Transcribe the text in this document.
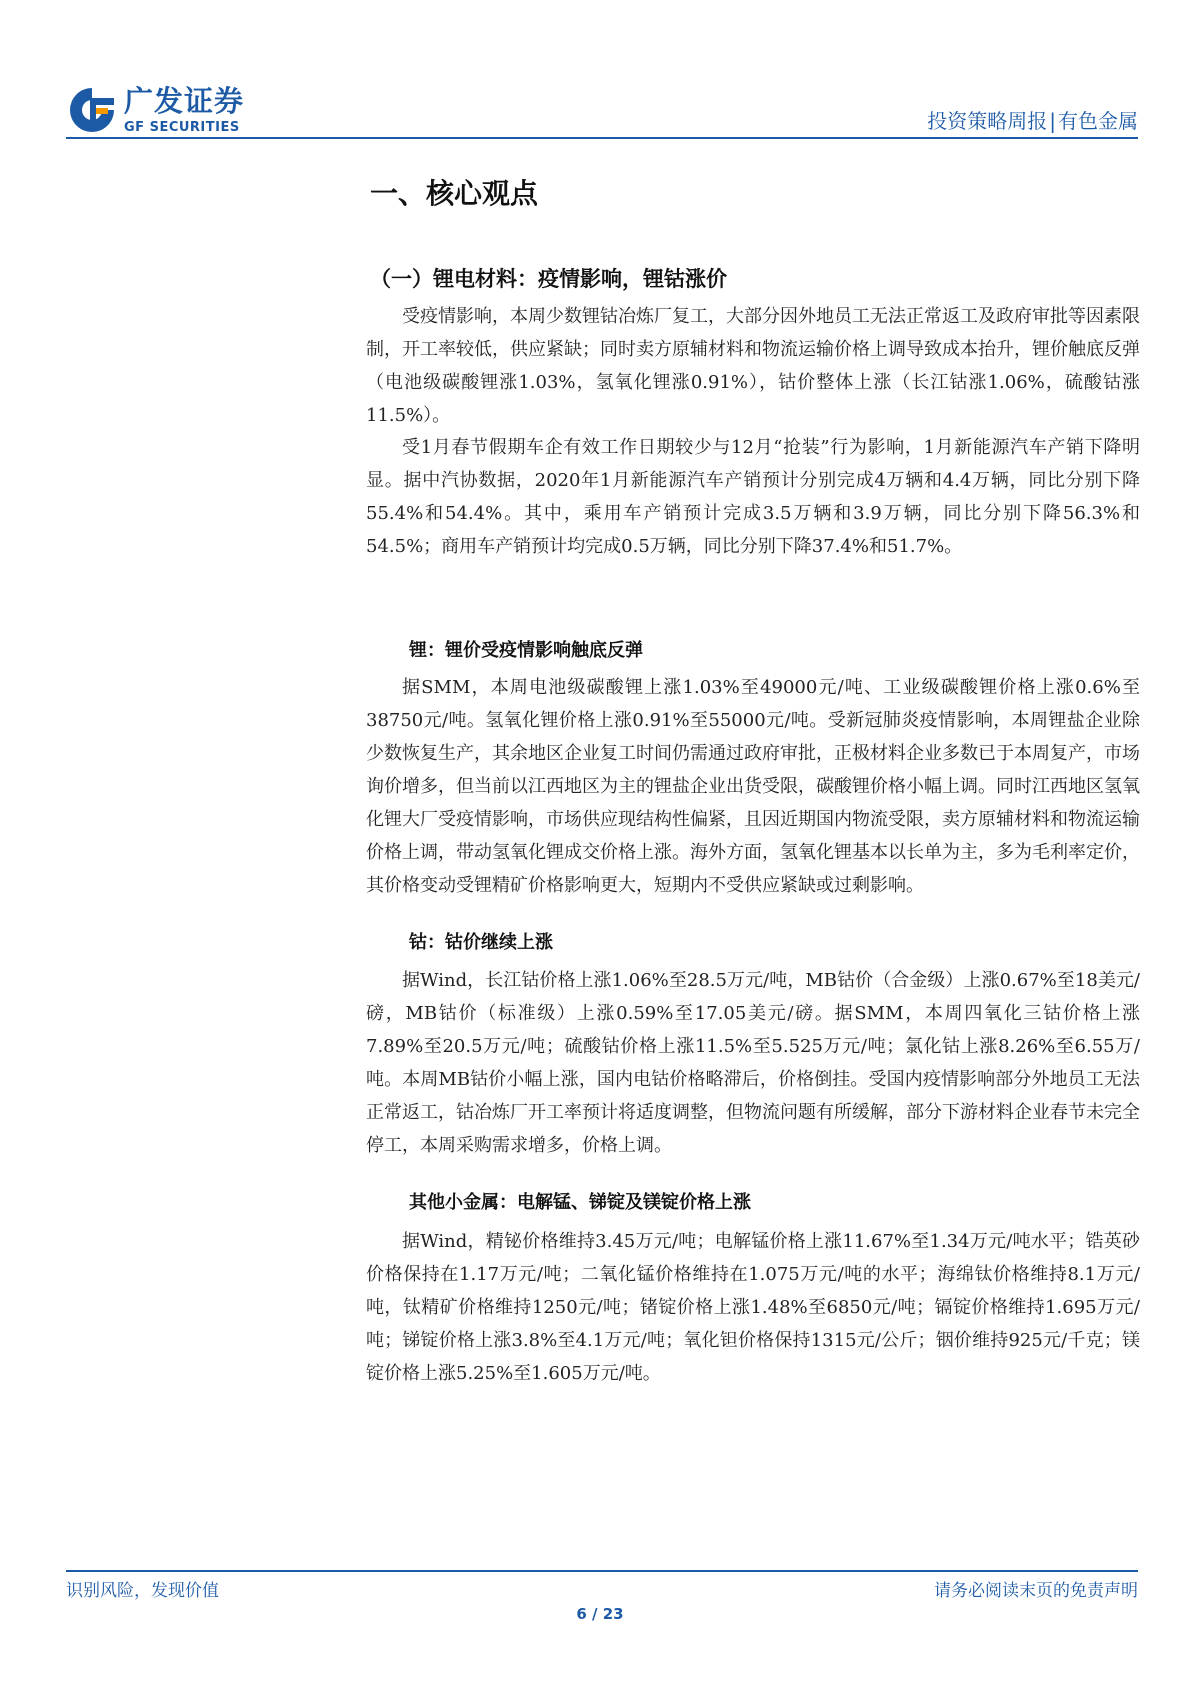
广发证券
GF SECURITIES	投资策略周报 | 有色金属
一、核心观点
（一）锂电材料：疫情影响，锂钴涨价

受疫情影响，本周少数锂钴冶炼厂复工，大部分因外地员工无法正常返工及政府审批等因素限制，开工率较低，供应紧缺；同时卖方原辅材料和物流运输价格上调导致成本抬升，锂价触底反弹（电池级碳酸锂涨1.03%，氢氧化锂涨0.91%），钴价整体上涨（长江钴涨1.06%，硫酸钴涨11.5%）。

受1月春节假期车企有效工作日期较少与12月“抢装”行为影响，1月新能源汽车产销下降明显。据中汽协数据，2020年1月新能源汽车产销预计分别完成4万辆和4.4万辆，同比分别下降55.4%和54.4%。其中，乘用车产销预计完成3.5万辆和3.9万辆，同比分别下降56.3%和54.5%；商用车产销预计均完成0.5万辆，同比分别下降37.4%和51.7%。

锂：锂价受疫情影响触底反弹

据SMM，本周电池级碳酸锂上涨1.03%至49000元/吨、工业级碳酸锂价格上涨0.6%至38750元/吨。氢氧化锂价格上涨0.91%至55000元/吨。受新冠肺炎疫情影响，本周锂盐企业除少数恢复生产，其余地区企业复工时间仍需通过政府审批，正极材料企业多数已于本周复产，市场询价增多，但当前以江西地区为主的锂盐企业出货受限，碳酸锂价格小幅上调。同时江西地区氢氧化锂大厂受疫情影响，市场供应现结构性偏紧，且因近期国内物流受限，卖方原辅材料和物流运输价格上调，带动氢氧化锂成交价格上涨。海外方面，氢氧化锂基本以长单为主，多为毛利率定价，其价格变动受锂精矿价格影响更大，短期内不受供应紧缺或过剩影响。

钴：钴价继续上涨

据Wind，长江钴价格上涨1.06%至28.5万元/吨，MB钴价（合金级）上涨0.67%至18美元/磅，MB钴价（标准级）上涨0.59%至17.05美元/磅。据SMM，本周四氧化三钴价格上涨7.89%至20.5万元/吨；硫酸钴价格上涨11.5%至5.525万元/吨；氯化钴上涨8.26%至6.55万/吨。本周MB钴价小幅上涨，国内电钴价格略滞后，价格倒挂。受国内疫情影响部分外地员工无法正常返工，钴冶炼厂开工率预计将适度调整，但物流问题有所缓解，部分下游材料企业春节未完全停工，本周采购需求增多，价格上调。

其他小金属：电解锰、锑锭及镁锭价格上涨

据Wind，精铋价格维持3.45万元/吨；电解锰价格上涨11.67%至1.34万元/吨水平；锆英砂价格保持在1.17万元/吨；二氧化锰价格维持在1.075万元/吨的水平；海绵钛价格维持8.1万元/吨，钛精矿价格维持1250元/吨；锗锭价格上涨1.48%至6850元/吨；镉锭价格维持1.695万元/吨；锑锭价格上涨3.8%至4.1万元/吨；氧化钽价格保持1315元/公斤；铟价维持925元/千克；镁锭价格上涨5.25%至1.605万元/吨。

识别风险，发现价值	请务必阅读末页的免责声明
6 / 23
